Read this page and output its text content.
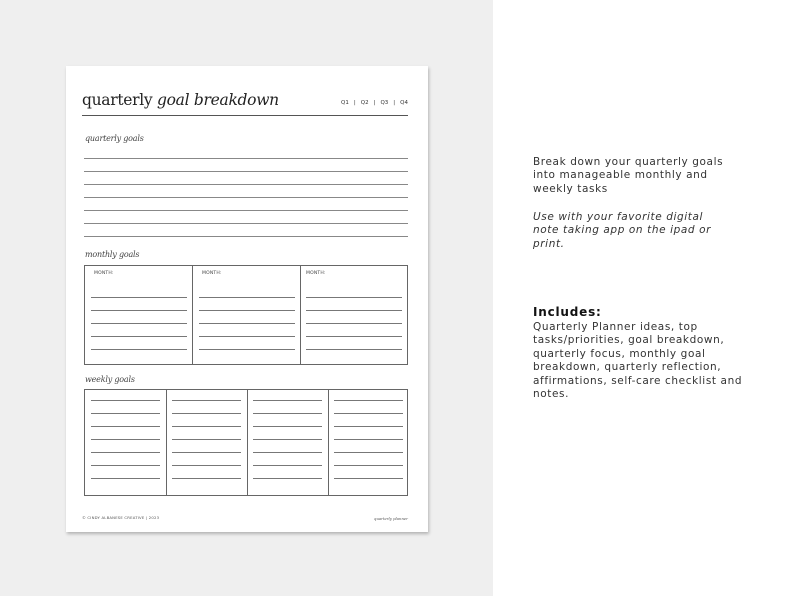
quarterly goal breakdown	Q1 | Q2 | Q3 | Q4
quarterly goals
monthly goals
MONTH:	MONTH:	MONTH:
weekly goals
© CINDY ALBANESE CREATIVE | 2023	quarterly planner
Break down your quarterly goals into manageable monthly and weekly tasks
Use with your favorite digital note taking app on the ipad or print.
Includes:
Quarterly Planner ideas, top tasks/priorities, goal breakdown, quarterly focus, monthly goal breakdown, quarterly reflection, affirmations, self-care checklist and notes.
